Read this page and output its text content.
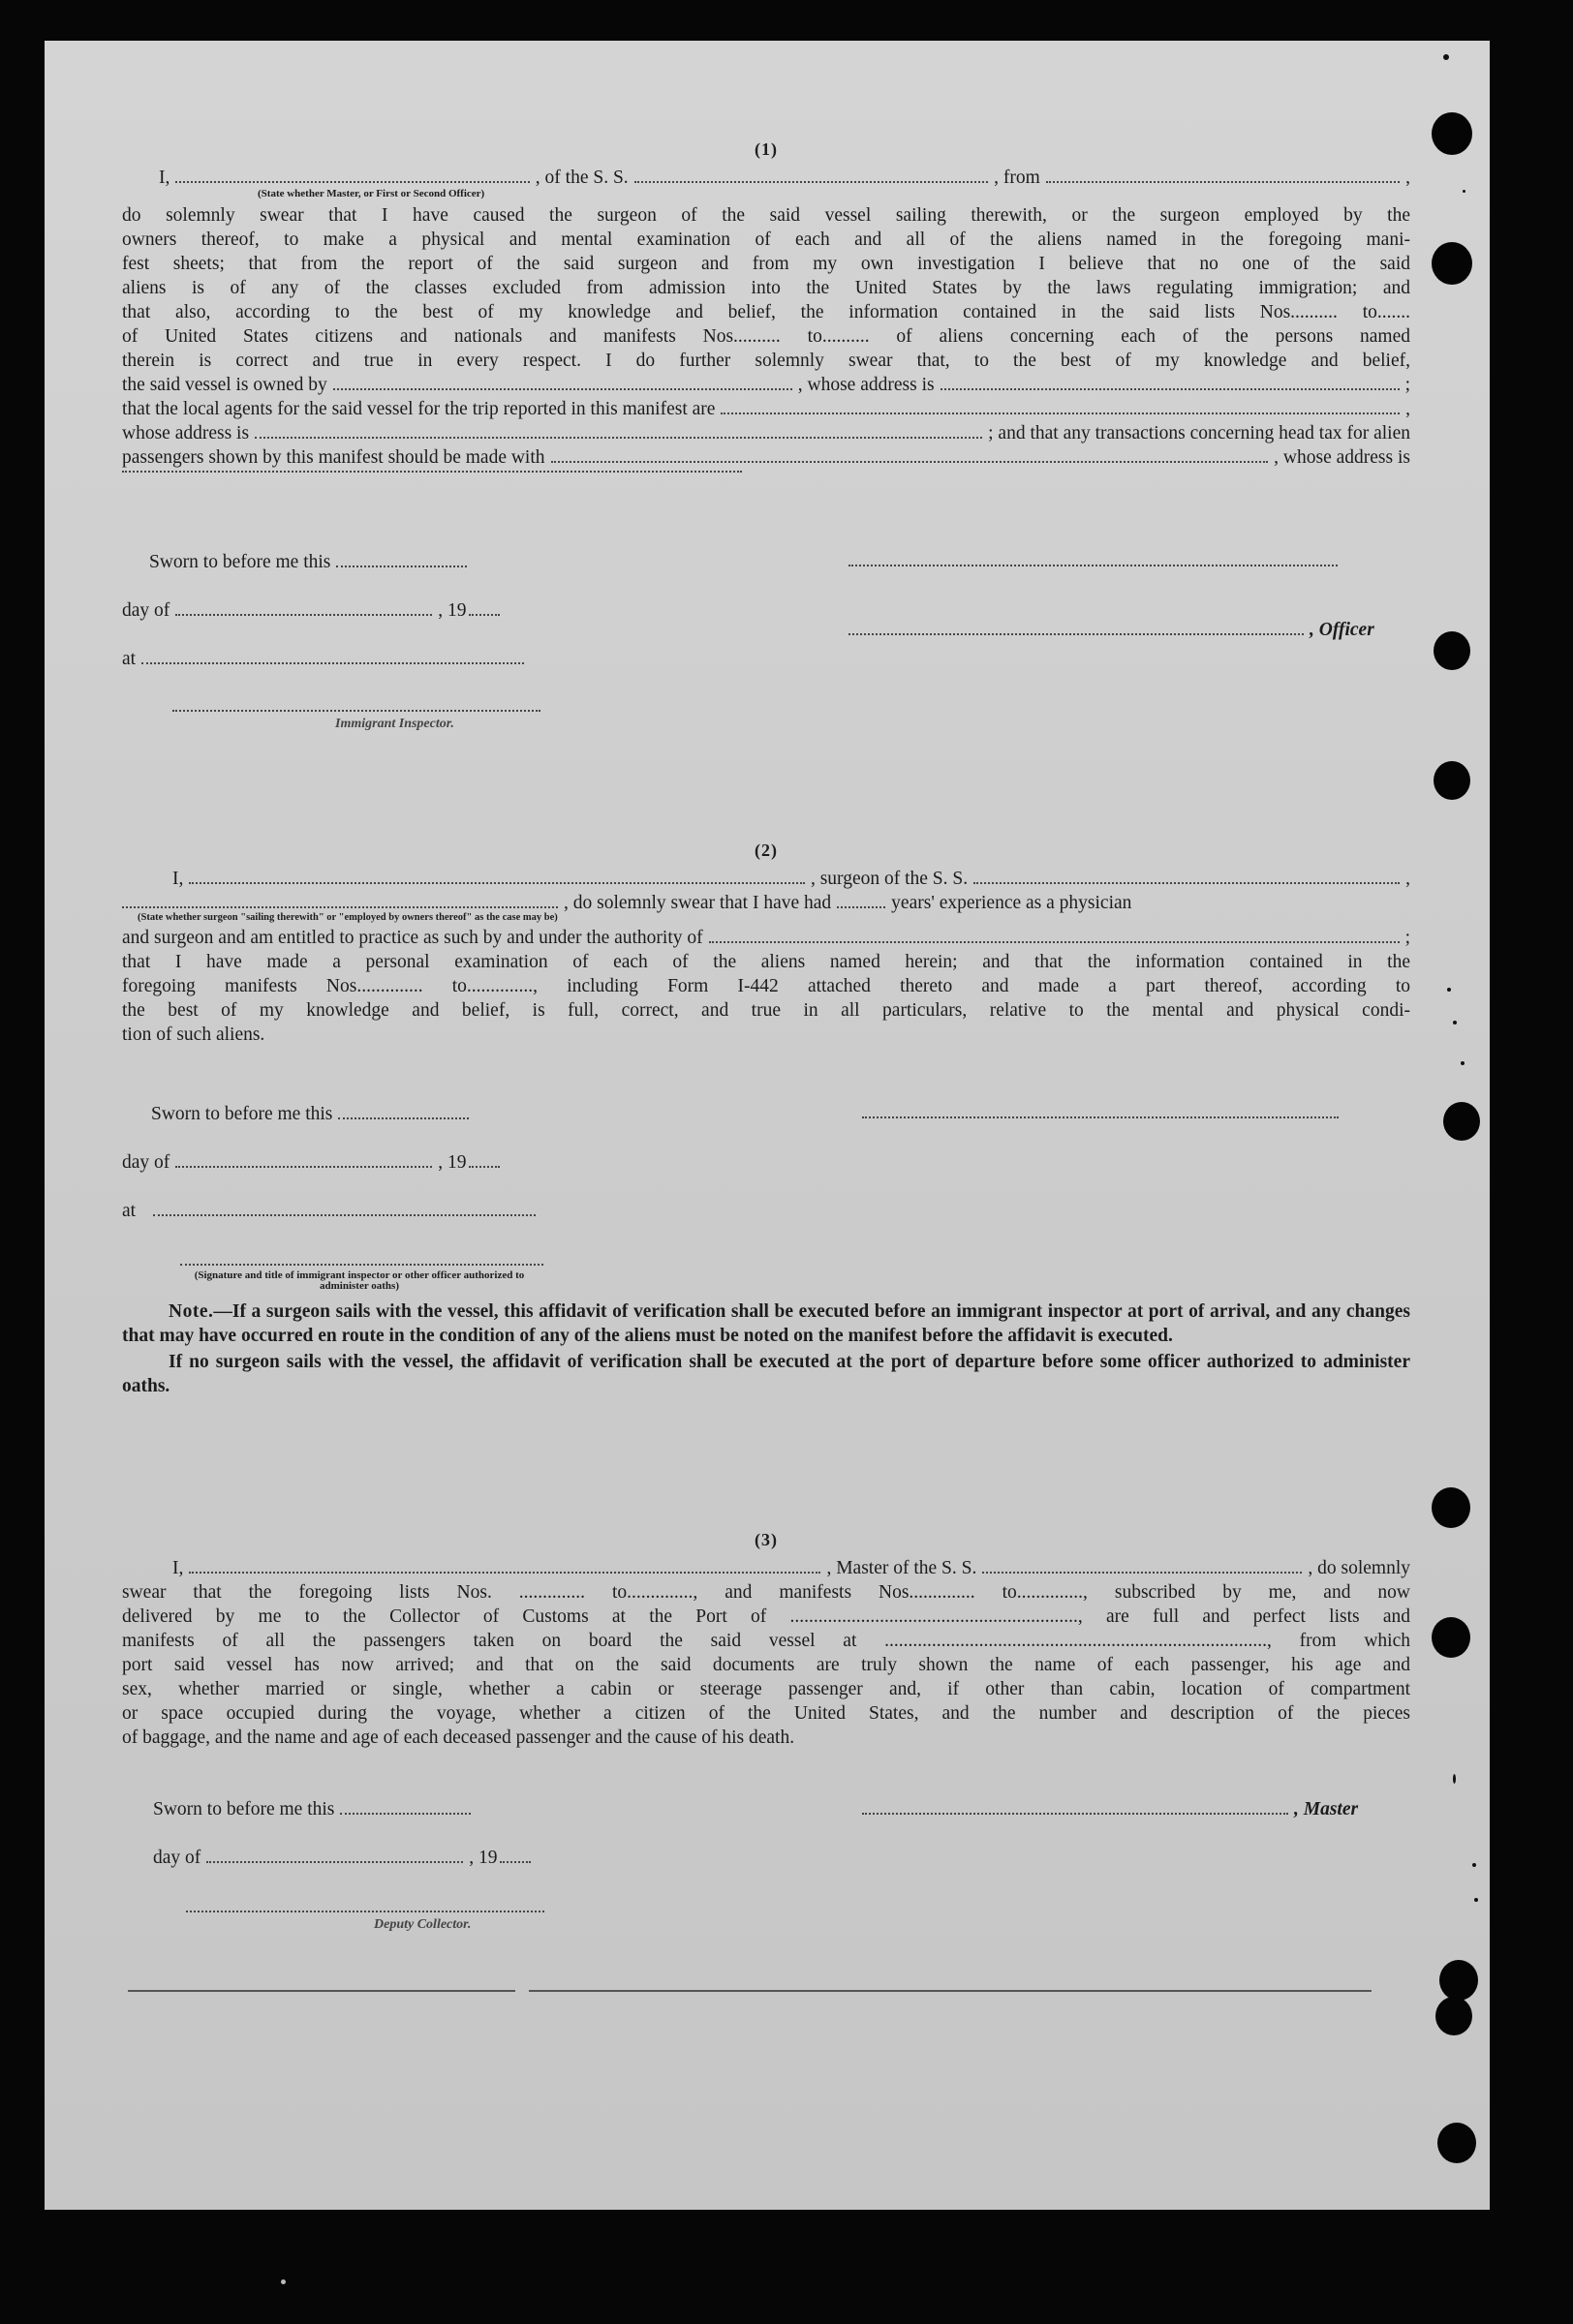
(1)
I,	, of the S. S.	, from	,
(State whether Master, or First or Second Officer)

do solemnly swear that I have caused the surgeon of the said vessel sailing therewith, or the surgeon employed by the

owners thereof, to make a physical and mental examination of each and all of the aliens named in the foregoing mani-

fest sheets; that from the report of the said surgeon and from my own investigation I believe that no one of the said

aliens is of any of the classes excluded from admission into the United States by the laws regulating immigration; and

that also, according to the best of my knowledge and belief, the information contained in the said lists Nos.......... to.......

of United States citizens and nationals and manifests Nos.......... to.......... of aliens concerning each of the persons named

therein is correct and true in every respect. I do further solemnly swear that, to the best of my knowledge and belief,

the said vessel is owned by	, whose address is	;
that the local agents for the said vessel for the trip reported in this manifest are	,
whose address is	; and that any transactions concerning head tax for alien
passengers shown by this manifest should be made with	, whose address is
Sworn to before me this
day of	, 19
, Officer
at
Immigrant Inspector.
(2)
I,	, surgeon of the S. S.	,
, do solemnly swear that I have had	years' experience as a physician
(State whether surgeon "sailing therewith" or "employed by owners thereof" as the case may be)
and surgeon and am entitled to practice as such by and under the authority of	;

that I have made a personal examination of each of the aliens named herein; and that the information contained in the

foregoing manifests Nos.............. to.............., including Form I-442 attached thereto and made a part thereof, according to

the best of my knowledge and belief, is full, correct, and true in all particulars, relative to the mental and physical condi-

tion of such aliens.

Sworn to before me this
day of	, 19
at
(Signature and title of immigrant inspector or other officer authorized to administer oaths)

Note.—If a surgeon sails with the vessel, this affidavit of verification shall be executed before an immigrant inspector at port of arrival, and any changes that may have occurred en route in the condition of any of the aliens must be noted on the manifest before the affidavit is executed.

If no surgeon sails with the vessel, the affidavit of verification shall be executed at the port of departure before some officer authorized to administer oaths.

(3)
I,	, Master of the S. S.	, do solemnly

swear that the foregoing lists Nos. .............. to.............., and manifests Nos.............. to.............., subscribed by me, and now

delivered by me to the Collector of Customs at the Port of ............................................................., are full and perfect lists and

manifests of all the passengers taken on board the said vessel at ................................................................................., from which

port said vessel has now arrived; and that on the said documents are truly shown the name of each passenger, his age and

sex, whether married or single, whether a cabin or steerage passenger and, if other than cabin, location of compartment

or space occupied during the voyage, whether a citizen of the United States, and the number and description of the pieces

of baggage, and the name and age of each deceased passenger and the cause of his death.

Sworn to before me this	, Master
day of	, 19
Deputy Collector.
